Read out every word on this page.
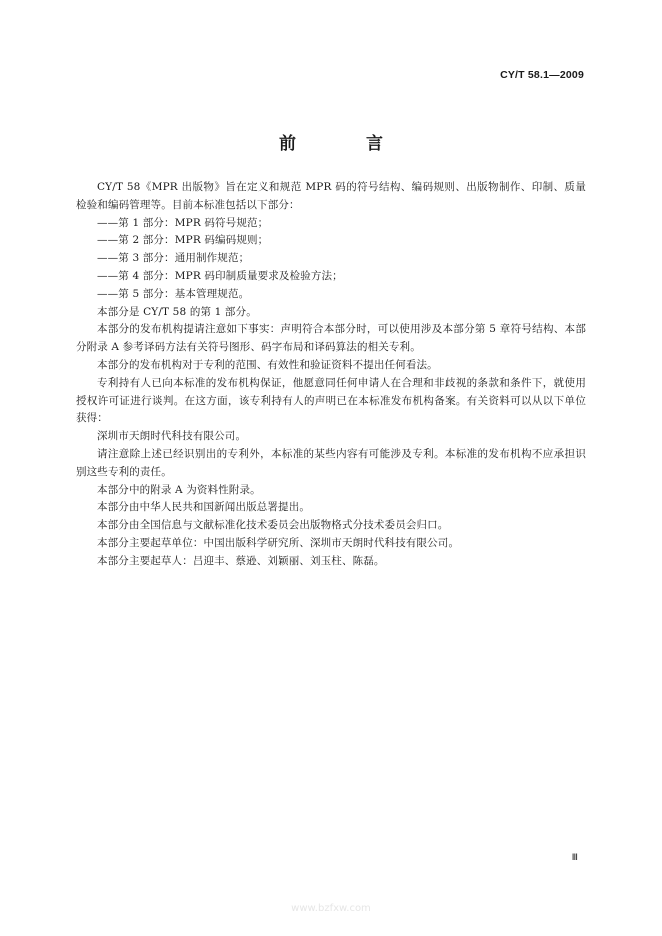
CY/T 58.1—2009
前 言

CY/T 58《MPR 出版物》旨在定义和规范 MPR 码的符号结构、编码规则、出版物制作、印制、质量检验和编码管理等。目前本标准包括以下部分：

——第 1 部分：MPR 码符号规范；

——第 2 部分：MPR 码编码规则；

——第 3 部分：通用制作规范；

——第 4 部分：MPR 码印制质量要求及检验方法；

——第 5 部分：基本管理规范。

本部分是 CY/T 58 的第 1 部分。

本部分的发布机构提请注意如下事实：声明符合本部分时，可以使用涉及本部分第 5 章符号结构、本部分附录 A 参考译码方法有关符号图形、码字布局和译码算法的相关专利。

本部分的发布机构对于专利的范围、有效性和验证资料不提出任何看法。

专利持有人已向本标准的发布机构保证，他愿意同任何申请人在合理和非歧视的条款和条件下，就使用授权许可证进行谈判。在这方面，该专利持有人的声明已在本标准发布机构备案。有关资料可以从以下单位获得：

深圳市天朗时代科技有限公司。

请注意除上述已经识别出的专利外，本标准的某些内容有可能涉及专利。本标准的发布机构不应承担识别这些专利的责任。

本部分中的附录 A 为资料性附录。

本部分由中华人民共和国新闻出版总署提出。

本部分由全国信息与文献标准化技术委员会出版物格式分技术委员会归口。

本部分主要起草单位：中国出版科学研究所、深圳市天朗时代科技有限公司。

本部分主要起草人：吕迎丰、蔡逊、刘颖丽、刘玉柱、陈磊。

Ⅲ
www.bzfxw.com
